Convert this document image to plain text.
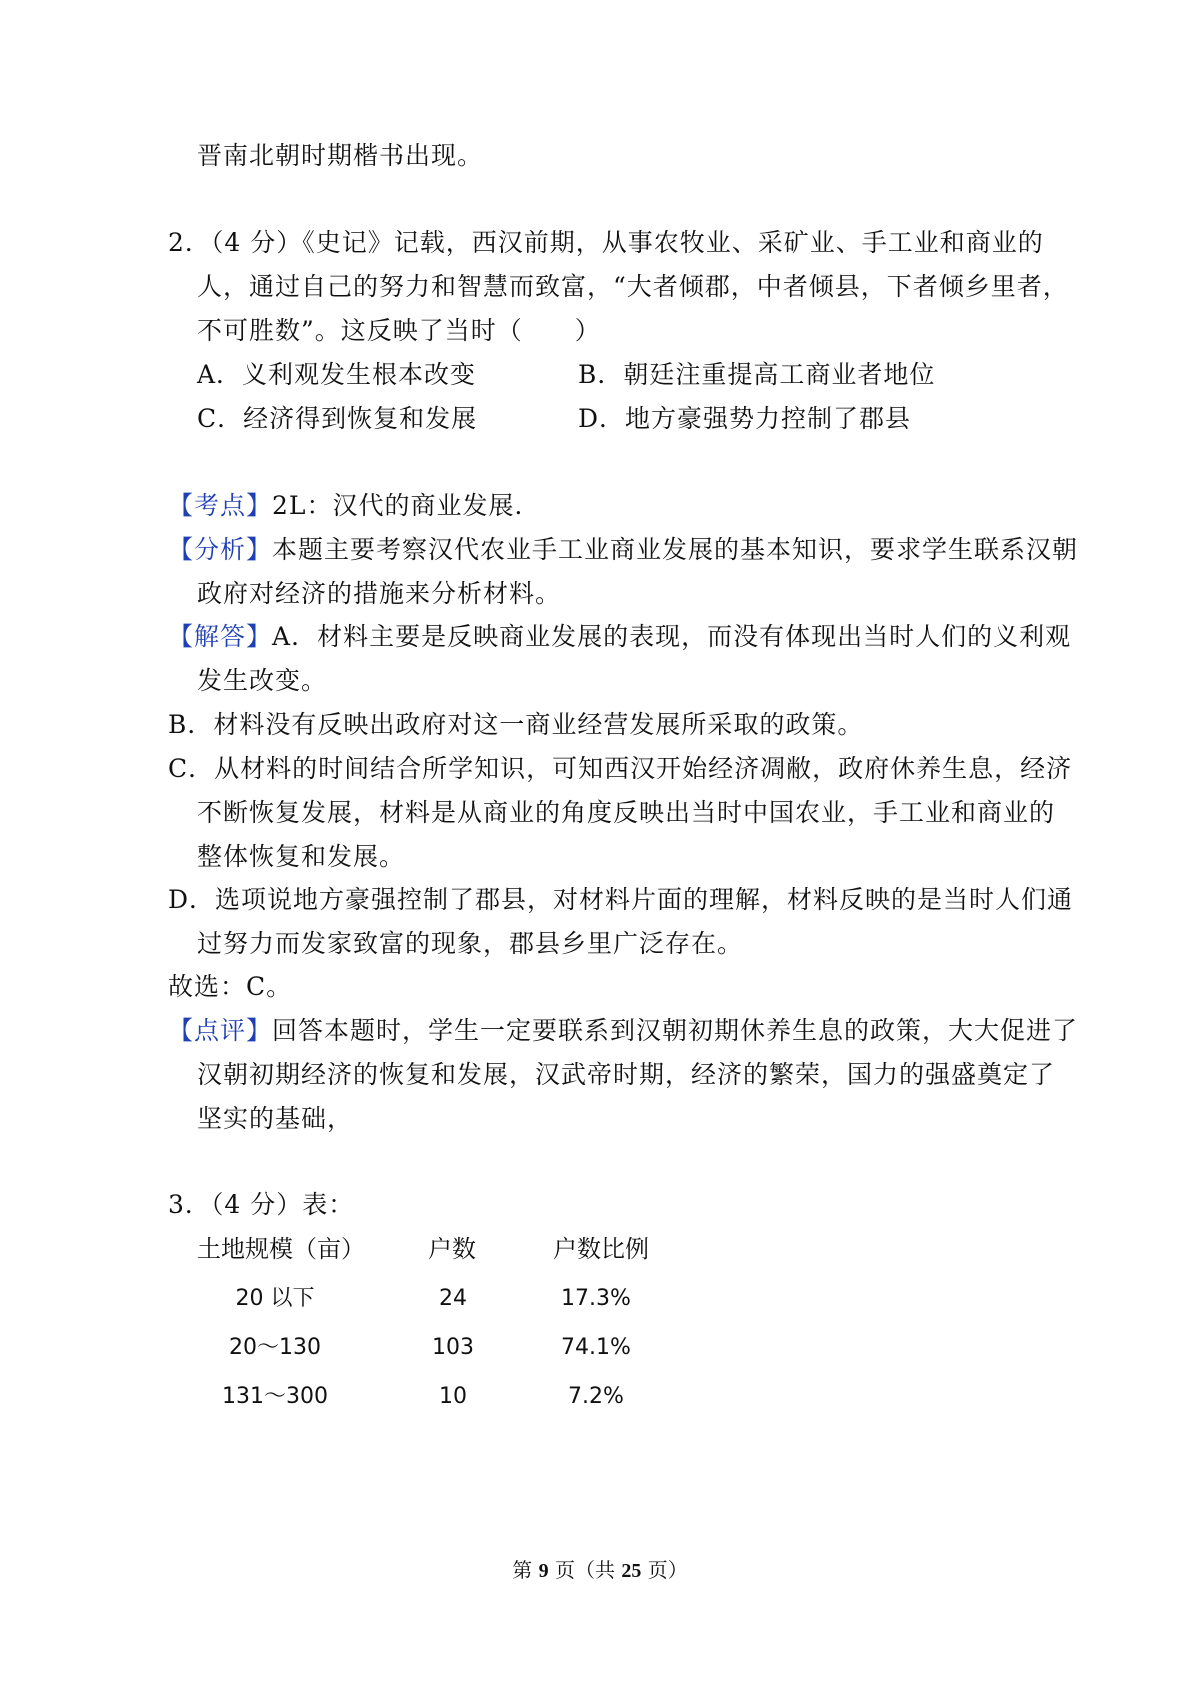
晋南北朝时期楷书出现。
2．（4 分）《史记》记载，西汉前期，从事农牧业、采矿业、手工业和商业的
人，通过自己的努力和智慧而致富，“大者倾郡，中者倾县，下者倾乡里者，
不可胜数”。这反映了当时（　　）
A．义利观发生根本改变	B．朝廷注重提高工商业者地位
C．经济得到恢复和发展	D．地方豪强势力控制了郡县
【考点】2L：汉代的商业发展．
【分析】本题主要考察汉代农业手工业商业发展的基本知识，要求学生联系汉朝
政府对经济的措施来分析材料。
【解答】A．材料主要是反映商业发展的表现，而没有体现出当时人们的义利观
发生改变。
B．材料没有反映出政府对这一商业经营发展所采取的政策。
C．从材料的时间结合所学知识，可知西汉开始经济凋敝，政府休养生息，经济
不断恢复发展，材料是从商业的角度反映出当时中国农业，手工业和商业的
整体恢复和发展。
D．选项说地方豪强控制了郡县，对材料片面的理解，材料反映的是当时人们通
过努力而发家致富的现象，郡县乡里广泛存在。
故选：C。
【点评】回答本题时，学生一定要联系到汉朝初期休养生息的政策，大大促进了
汉朝初期经济的恢复和发展，汉武帝时期，经济的繁荣，国力的强盛奠定了
坚实的基础，
3．（4 分）表：
土地规模（亩）	户数	户数比例
20 以下	24	17.3%
20～130	103	74.1%
131～300	10	7.2%
第 9 页（共 25 页）
